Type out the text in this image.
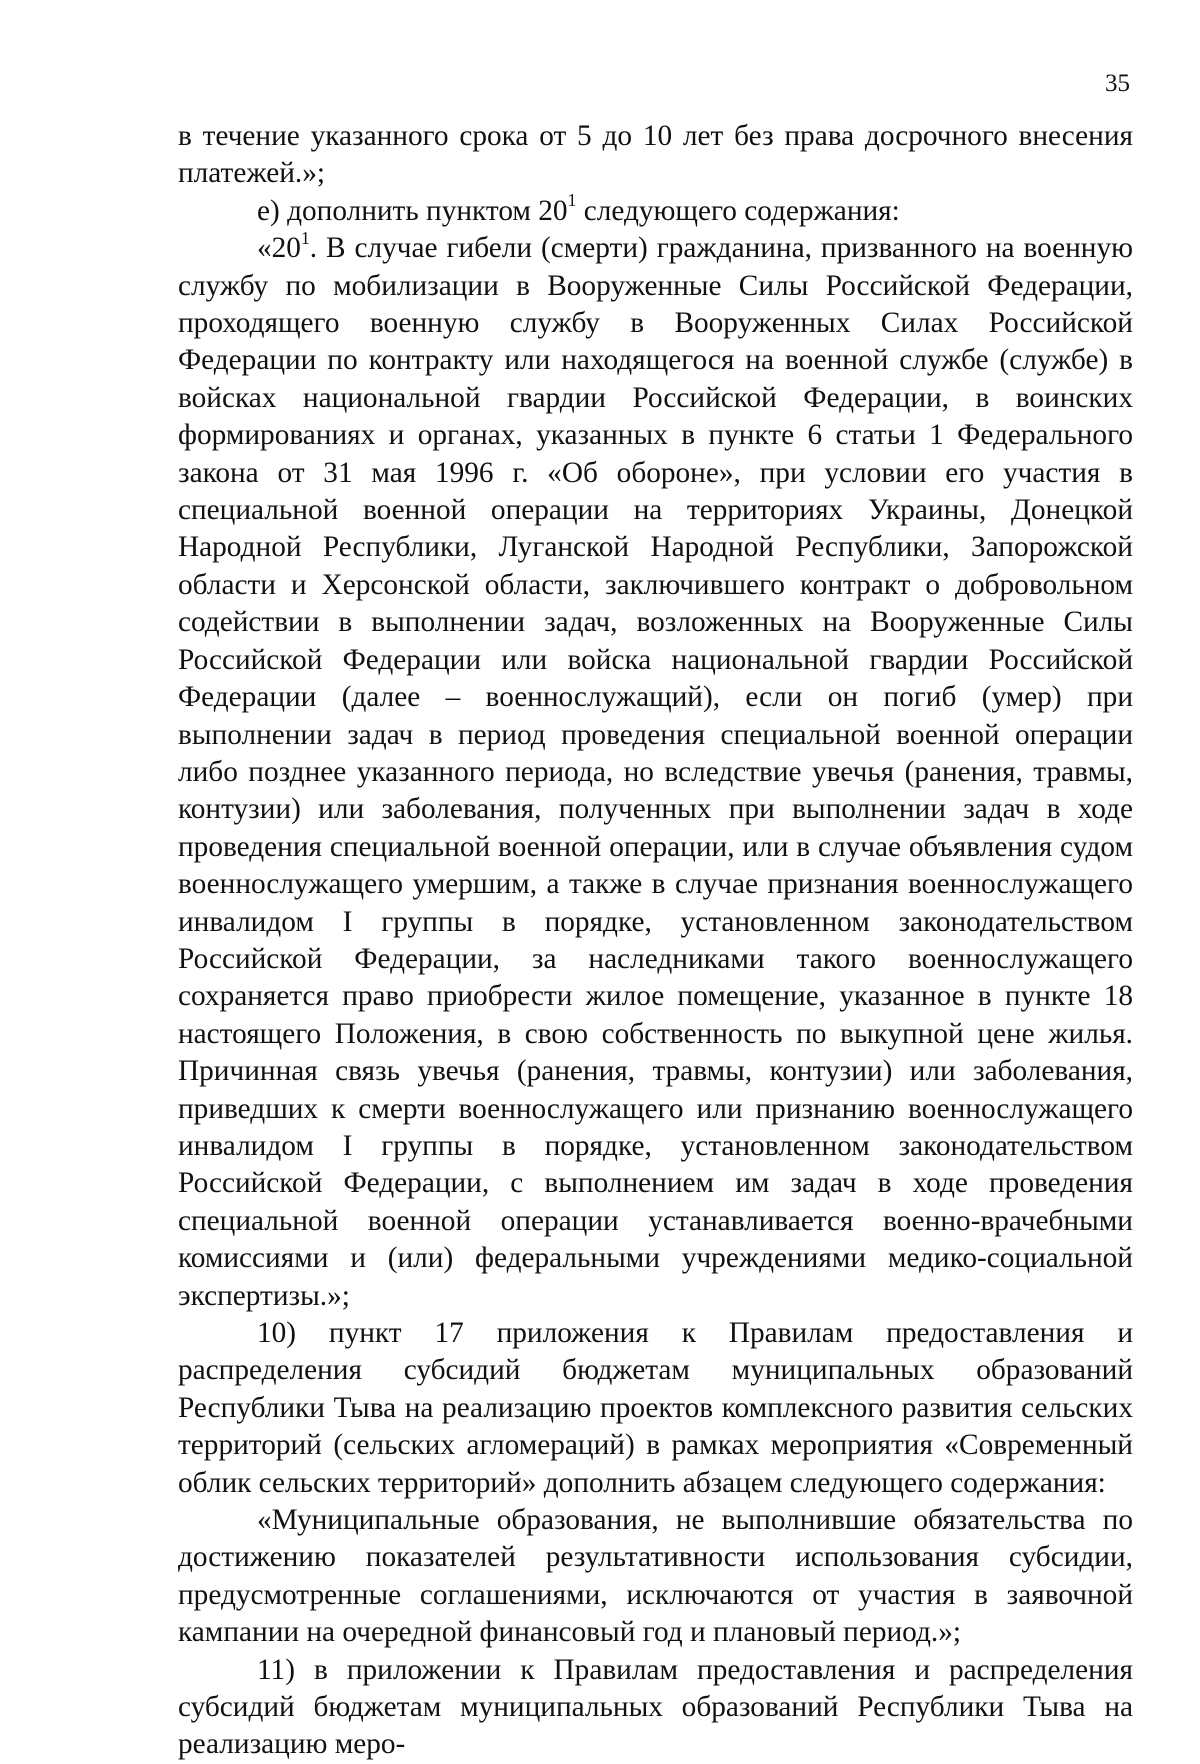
35

в течение указанного срока от 5 до 10 лет без права досрочного внесения платежей.»;

е) дополнить пунктом $20^1$ следующего содержания:

«$20^1$. В случае гибели (смерти) гражданина, призванного на военную службу по мобилизации в Вооруженные Силы Российской Федерации, проходящего военную службу в Вооруженных Силах Российской Федерации по контракту или находящегося на военной службе (службе) в войсках национальной гвардии Российской Федерации, в воинских формированиях и органах, указанных в пункте 6 статьи 1 Федерального закона от 31 мая 1996 г. «Об обороне», при условии его участия в специальной военной операции на территориях Украины, Донецкой Народной Республики, Луганской Народной Республики, Запорожской области и Херсонской области, заключившего контракт о добровольном содействии в выполнении задач, возложенных на Вооруженные Силы Российской Федерации или войска национальной гвардии Российской Федерации (далее – военнослужащий), если он погиб (умер) при выполнении задач в период проведения специальной военной операции либо позднее указанного периода, но вследствие увечья (ранения, травмы, контузии) или заболевания, полученных при выполнении задач в ходе проведения специальной военной операции, или в случае объявления судом военнослужащего умершим, а также в случае признания военнослужащего инвалидом I группы в порядке, установленном законодательством Российской Федерации, за наследниками такого военнослужащего сохраняется право приобрести жилое помещение, указанное в пункте 18 настоящего Положения, в свою собственность по выкупной цене жилья. Причинная связь увечья (ранения, травмы, контузии) или заболевания, приведших к смерти военнослужащего или признанию военнослужащего инвалидом I группы в порядке, установленном законодательством Российской Федерации, с выполнением им задач в ходе проведения специальной военной операции устанавливается военно-врачебными комиссиями и (или) федеральными учреждениями медико-социальной экспертизы.»;

10) пункт 17 приложения к Правилам предоставления и распределения субсидий бюджетам муниципальных образований Республики Тыва на реализацию проектов комплексного развития сельских территорий (сельских агломераций) в рамках мероприятия «Современный облик сельских территорий» дополнить абзацем следующего содержания:

«Муниципальные образования, не выполнившие обязательства по достижению показателей результативности использования субсидии, предусмотренные соглашениями, исключаются от участия в заявочной кампании на очередной финансовый год и плановый период.»;

11) в приложении к Правилам предоставления и распределения субсидий бюджетам муниципальных образований Республики Тыва на реализацию меро-
